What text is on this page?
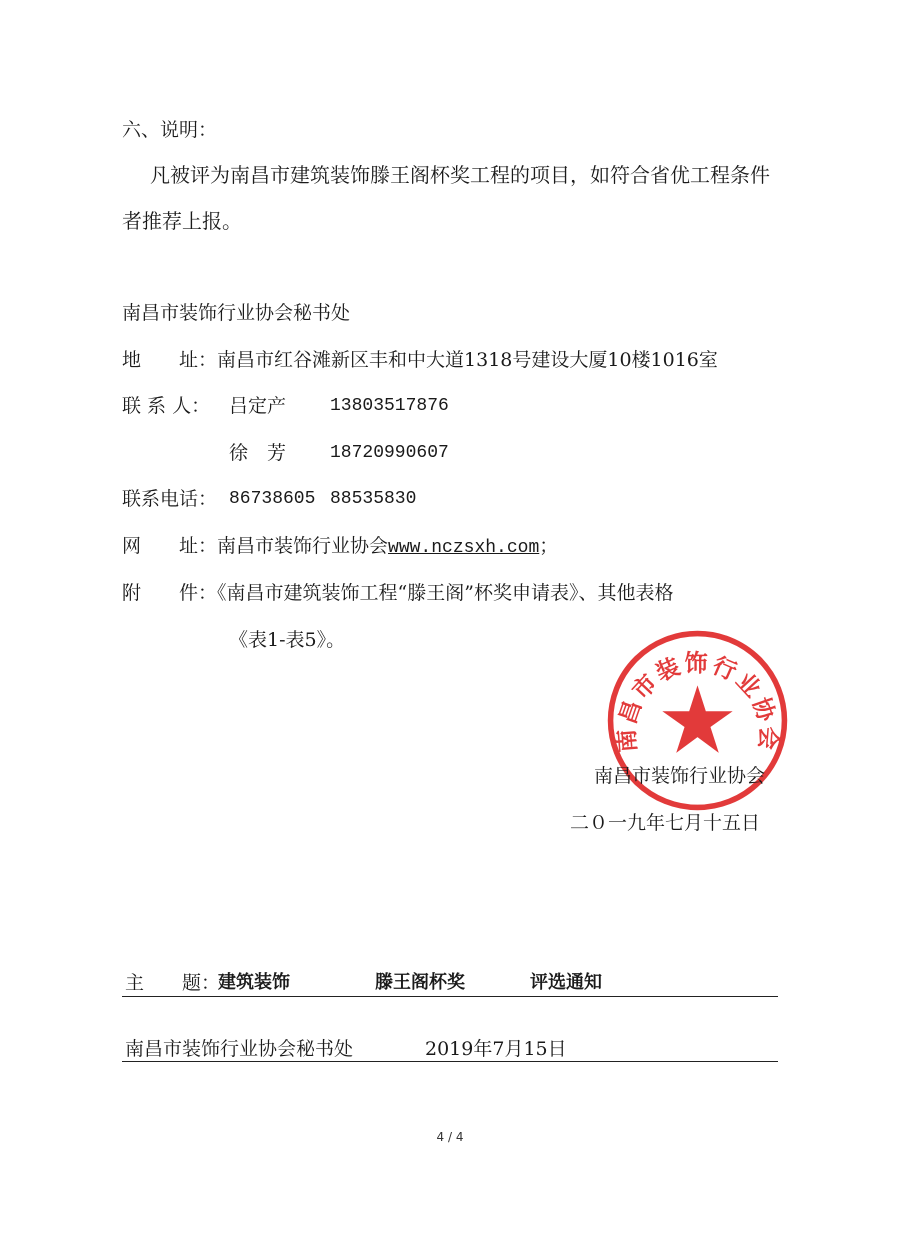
六、说明：
凡被评为南昌市建筑装饰滕王阁杯奖工程的项目，如符合省优工程条件
者推荐上报。
南昌市装饰行业协会秘书处
地　　址：南昌市红谷滩新区丰和中大道1318号建设大厦10楼1016室
联 系 人： 吕定产 13803517876
徐　芳 18720990607
联系电话： 86738605 88535830
网　　址：南昌市装饰行业协会www.nczsxh.com；
附　　件：《南昌市建筑装饰工程“滕王阁”杯奖申请表》、其他表格
《表1-表5》。
南昌市装饰行业协会
南昌市装饰行业协会
二０一九年七月十五日
主　　题：
建筑装饰	滕王阁杯奖	评选通知
南昌市装饰行业协会秘书处	2019年7月15日
4 / 4
